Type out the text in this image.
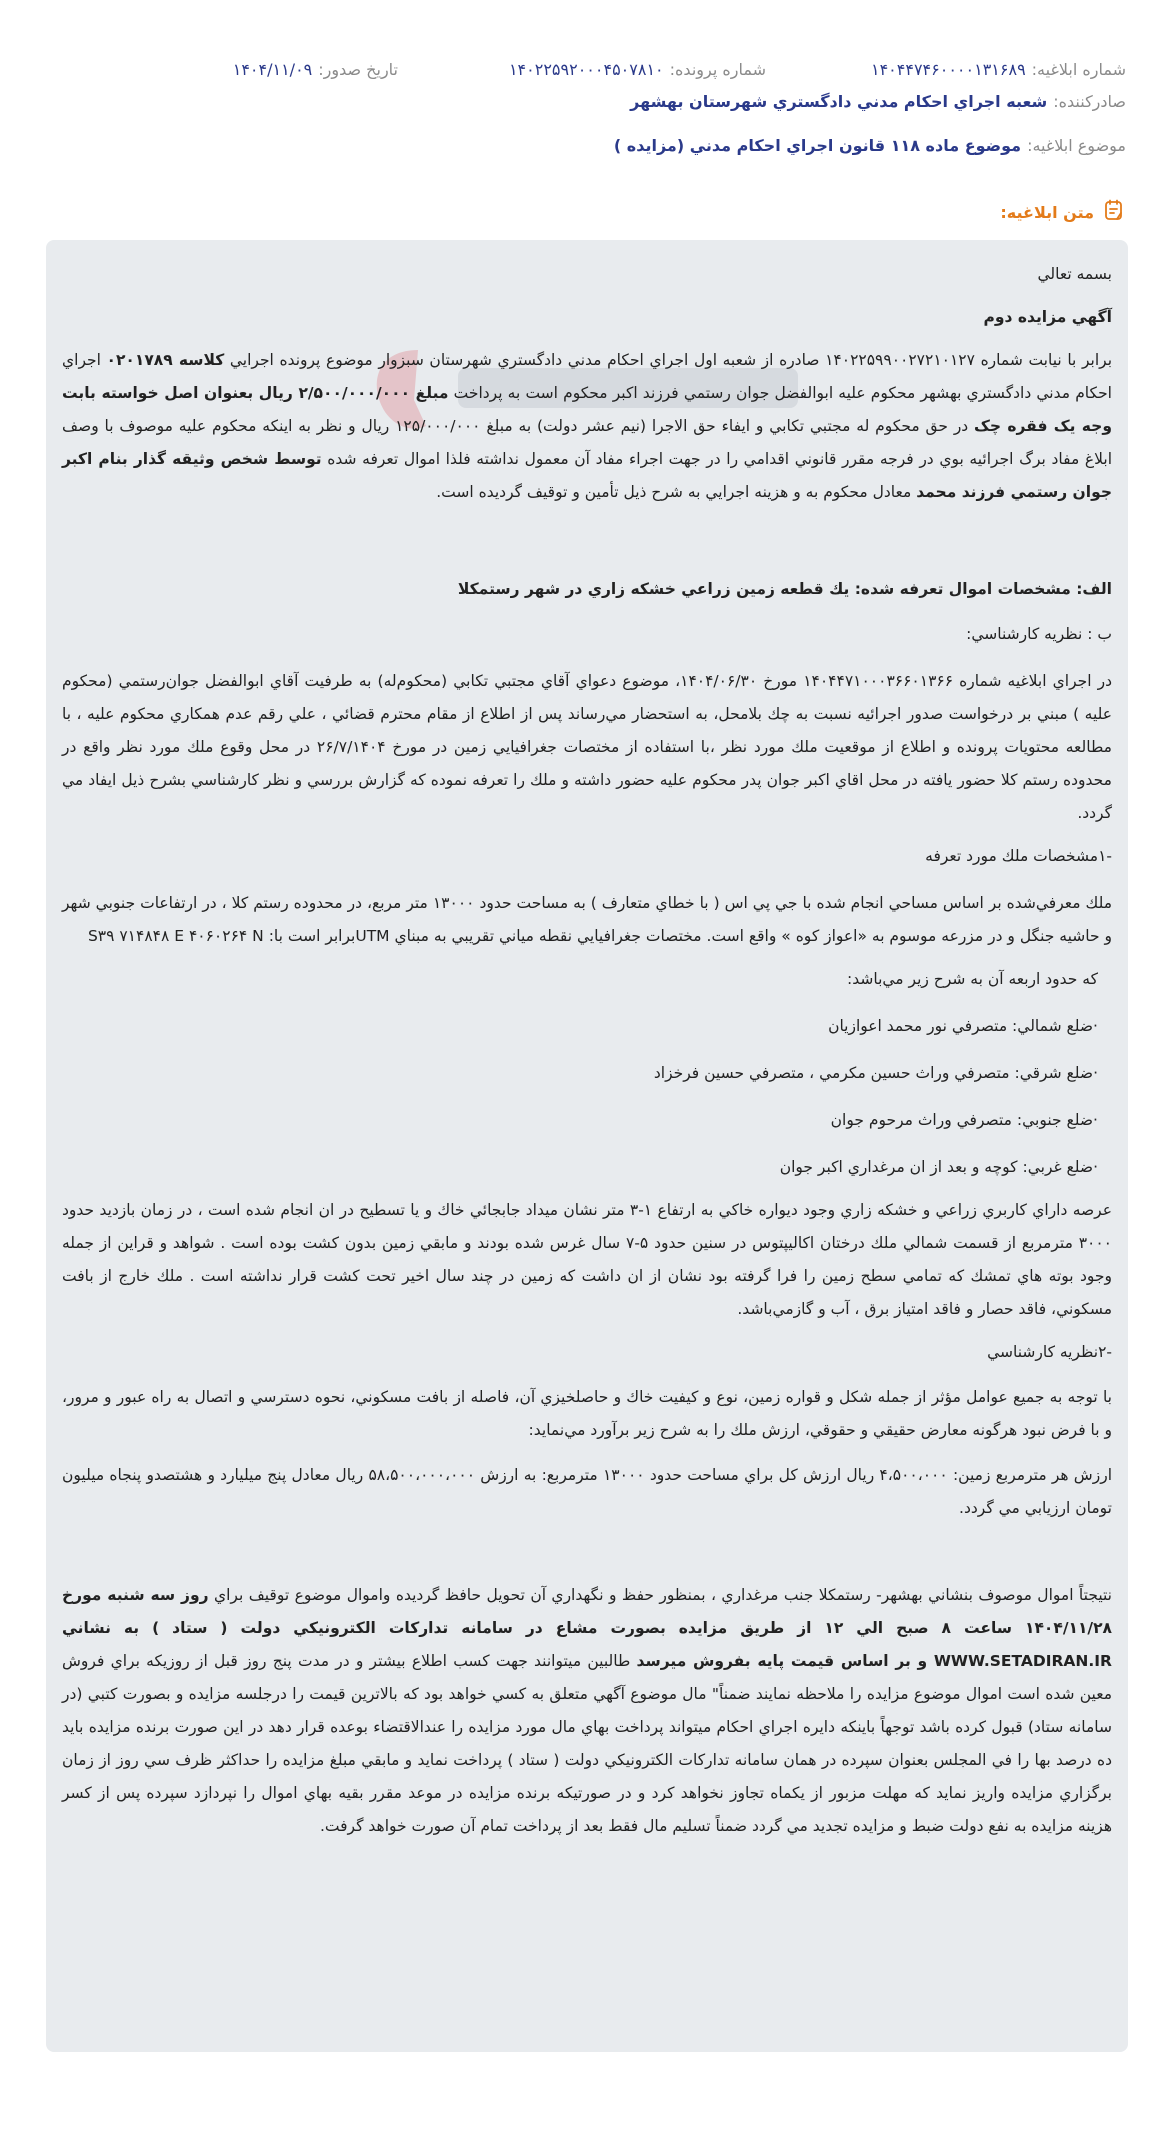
شماره ابلاغيه:
۱۴۰۴۴۷۴۶۰۰۰۰۱۳۱۶۸۹
شماره پرونده:
۱۴۰۲۲۵۹۲۰۰۰۴۵۰۷۸۱۰
تاريخ صدور:
۱۴۰۴/۱۱/۰۹
صادرکننده:
شعبه اجراي احكام مدني دادگستري شهرستان بهشهر
موضوع ابلاغيه:
موضوع ماده ۱۱۸ قانون اجراي احكام مدني (مزايده )
متن ابلاغيه:

بسمه تعالي

آگهي مزايده دوم

برابر با نيابت شماره ۱۴۰۲۲۵۹۹۰۰۲۷۲۱۰۱۲۷ صادره از شعبه اول اجراي احكام مدني دادگستري شهرستان سبزوار موضوع پرونده اجرايي كلاسه ۰۲۰۱۷۸۹ اجراي احكام مدني دادگستري بهشهر محكوم عليه ابوالفضل جوان رستمي فرزند اكبر محكوم است به پرداخت مبلغ ۲/۵۰۰/۰۰۰/۰۰۰ ريال بعنوان اصل خواسته بابت وجه يک فقره چک در حق محكوم له مجتبي تكابي و ايفاء حق الاجرا (نيم عشر دولت) به مبلغ ۱۲۵/۰۰۰/۰۰۰ ريال و نظر به اينكه محكوم عليه موصوف با وصف ابلاغ مفاد برگ اجرائيه بوي در فرجه مقرر قانوني اقدامي را در جهت اجراء مفاد آن معمول نداشته فلذا اموال تعرفه شده توسط شخص وثيقه گذار بنام اكبر جوان رستمي فرزند محمد معادل محكوم به و هزينه اجرايي به شرح ذيل تأمين و توقيف گرديده است.

الف: مشخصات اموال تعرفه شده: يك قطعه زمين زراعي خشكه زاري در شهر رستمكلا

ب : نظريه كارشناسي:

در اجراي ابلاغيه شماره ۱۴۰۴۴۷۱۰۰۰۳۶۶۰۱۳۶۶ مورخ ۱۴۰۴/۰۶/۳۰، موضوع دعواي آقاي مجتبي تكابي (محكوم‌له) به طرفيت آقاي ابوالفضل جوان‌رستمي (محكوم عليه ) مبني بر درخواست صدور اجرائيه نسبت به چك بلامحل، به استحضار مي‌رساند پس از اطلاع از مقام محترم قضائي ، علي رقم عدم همكاري محكوم عليه ، با مطالعه محتويات پرونده و اطلاع از موقعيت ملك مورد نظر ،با استفاده از مختصات جغرافيايي زمين در مورخ ۲۶/۷/۱۴۰۴ در محل وقوع ملك مورد نظر واقع در محدوده رستم كلا حضور يافته در محل اقاي اكبر جوان پدر محكوم عليه حضور داشته و ملك را تعرفه نموده كه گزارش بررسي و نظر كارشناسي بشرح ذيل ايفاد مي گردد.

-۱مشخصات ملك مورد تعرفه

ملك معرفي‌شده بر اساس مساحي انجام شده با جي پي اس ( با خطاي متعارف ) به مساحت حدود ۱۳۰۰۰ متر مربع، در محدوده رستم كلا ، در ارتفاعات جنوبي شهر و حاشيه جنگل و در مزرعه موسوم به «اعواز كوه » واقع است. مختصات جغرافيايي نقطه مياني تقريبي به مبناي UTMبرابر است با: S۳۹ ۷۱۴۸۴۸ E ۴۰۶۰۲۶۴ N

كه حدود اربعه آن به شرح زير مي‌باشد:

·ضلع شمالي: متصرفي نور محمد اعوازيان

·ضلع شرقي: متصرفي وراث حسين مكرمي ، متصرفي حسين فرخزاد

·ضلع جنوبي: متصرفي وراث مرحوم جوان

·ضلع غربي: كوچه و بعد از ان مرغداري اكبر جوان

عرصه داراي كاربري زراعي و خشكه زاري وجود ديواره خاكي به ارتفاع ۱-۳ متر نشان ميداد جابجائي خاك و يا تسطيح در ان انجام شده است ، در زمان بازديد حدود ۳۰۰۰ مترمربع از قسمت شمالي ملك درختان اكاليپتوس در سنين حدود ۵-۷ سال غرس شده بودند و مابقي زمين بدون كشت بوده است . شواهد و قراين از جمله وجود بوته هاي تمشك كه تمامي سطح زمين را فرا گرفته بود نشان از ان داشت كه زمين در چند سال اخير تحت كشت قرار نداشته است . ملك خارج از بافت مسكوني، فاقد حصار و فاقد امتياز برق ، آب و گازمي‌باشد.

-۲نظريه كارشناسي

با توجه به جميع عوامل مؤثر از جمله شكل و قواره زمين، نوع و كيفيت خاك و حاصلخيزي آن، فاصله از بافت مسكوني، نحوه دسترسي و اتصال به راه عبور و مرور، و با فرض نبود هرگونه معارض حقيقي و حقوقي، ارزش ملك را به شرح زير برآورد مي‌نمايد:

ارزش هر مترمربع زمين: ۴،۵۰۰،۰۰۰ ريال ارزش كل براي مساحت حدود ۱۳۰۰۰ مترمربع: به ارزش ۵۸،۵۰۰،۰۰۰،۰۰۰ ريال معادل پنج ميليارد و هشتصدو پنجاه ميليون تومان ارزيابي مي گردد.

نتيجتاً اموال موصوف بنشاني بهشهر- رستمكلا جنب مرغداري ، بمنظور حفظ و نگهداري آن تحويل حافظ گرديده واموال موضوع توقيف براي روز سه شنبه مورخ ۱۴۰۴/۱۱/۲۸ ساعت ۸ صبح الي ۱۲ از طريق مزايده بصورت مشاع در سامانه تداركات الكترونيكي دولت ( ستاد ) به نشاني WWW.SETADIRAN.IR و بر اساس قيمت پايه بفروش ميرسد طالبين ميتوانند جهت كسب اطلاع بيشتر و در مدت پنج روز قبل از روزيكه براي فروش معين شده است اموال موضوع مزايده را ملاحظه نمايند ضمناً" مال موضوع آگهي متعلق به كسي خواهد بود كه بالاترين قيمت را درجلسه مزايده و بصورت كتبي (در سامانه ستاد) قبول كرده باشد توجهاً باينكه دايره اجراي احكام ميتواند پرداخت بهاي مال مورد مزايده را عندالاقتضاء بوعده قرار دهد در اين صورت برنده مزايده بايد ده درصد بها را في المجلس بعنوان سپرده در همان سامانه تداركات الكترونيكي دولت ( ستاد ) پرداخت نمايد و مابقي مبلغ مزايده را حداكثر ظرف سي روز از زمان برگزاري مزايده واريز نمايد كه مهلت مزبور از يكماه تجاوز نخواهد كرد و در صورتيكه برنده مزايده در موعد مقرر بقيه بهاي اموال را نپردازد سپرده پس از كسر هزينه مزايده به نفع دولت ضبط و مزايده تجديد مي گردد ضمناً تسليم مال فقط بعد از پرداخت تمام آن صورت خواهد گرفت.
